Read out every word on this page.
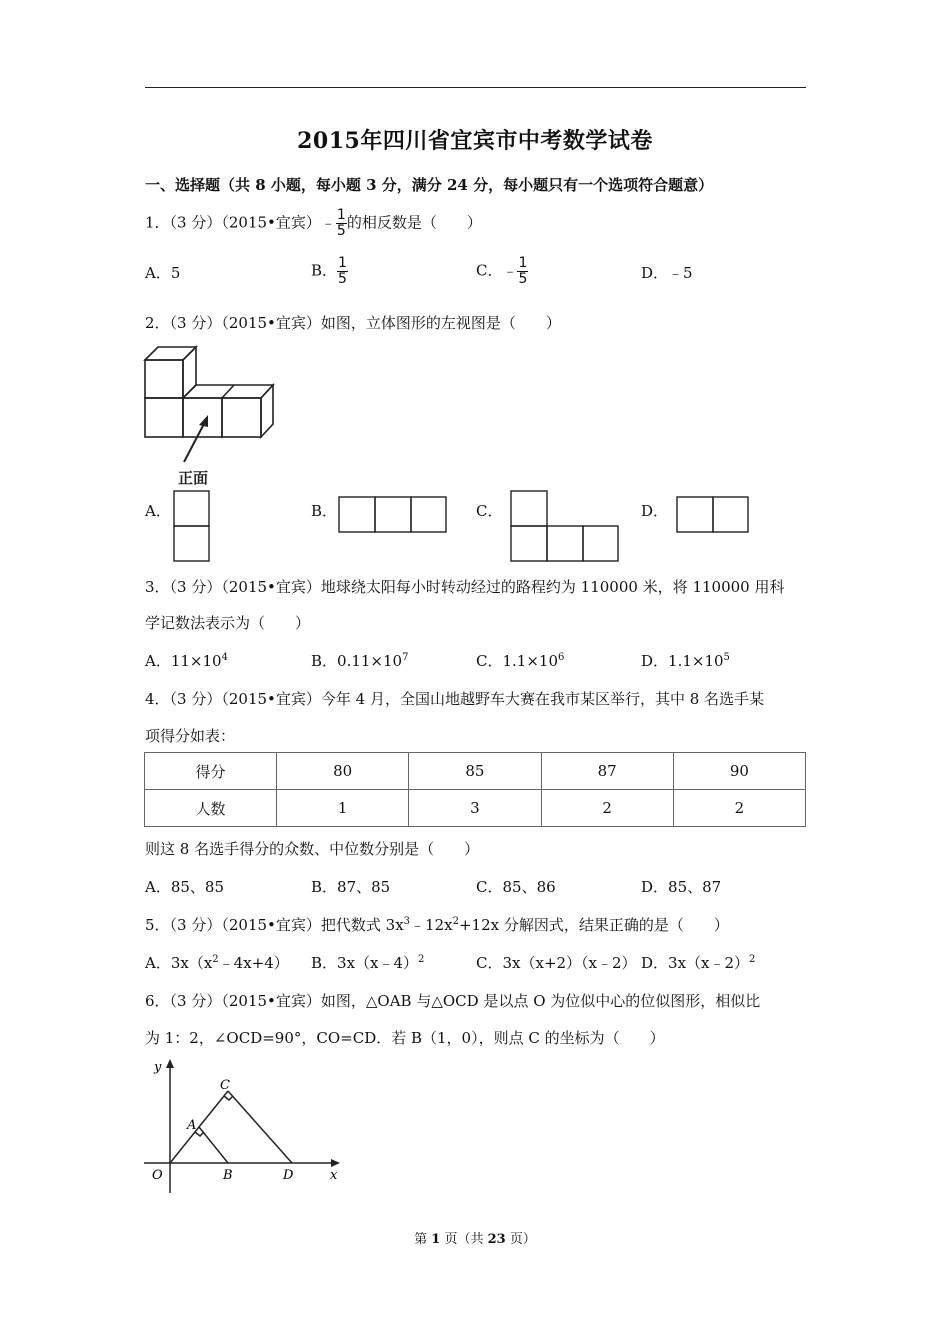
2015年四川省宜宾市中考数学试卷
一、选择题（共 8 小题，每小题 3 分，满分 24 分，每小题只有一个选项符合题意）
1．（3 分）（2015•宜宾）﹣ $\frac{1}{5}$ 的相反数是（　　）
A．5	B． $\frac{1}{5}$	C．﹣ $\frac{1}{5}$	D．﹣5
2．（3 分）（2015•宜宾）如图，立体图形的左视图是（　　）
正面
A．	B．	C．	D．
3．（3 分）（2015•宜宾）地球绕太阳每小时转动经过的路程约为 110000 米，将 110000 用科
学记数法表示为（　　）
A．$11\times 10^4$	B．$0.11\times 10^7$	C．$1.1\times 10^6$	D．$1.1\times 10^5$
4．（3 分）（2015•宜宾）今年 4 月，全国山地越野车大赛在我市某区举行，其中 8 名选手某
项得分如表：
得分	80	85	87	90
人数	1	3	2	2
则这 8 名选手得分的众数、中位数分别是（　　）
A．85、85	B．87、85	C．85、86	D．85、87
5．（3 分）（2015•宜宾）把代数式 $3x^3﹣12x^2+12x$ 分解因式，结果正确的是（　　）
A．$3x(x^2﹣4x+4)$ B．3x（x﹣4）$^2$	C．3x（x+2）（x﹣2） D．3x（x﹣2）$^2$
6．（3 分）（2015•宜宾）如图，△OAB 与△OCD 是以点 O 为位似中心的位似图形，相似比
为 1：2，∠OCD=90°，CO=CD．若 B（1，0），则点 C 的坐标为（　　）
y
x
O
A
B
C
D
第 1 页（共 23 页）
